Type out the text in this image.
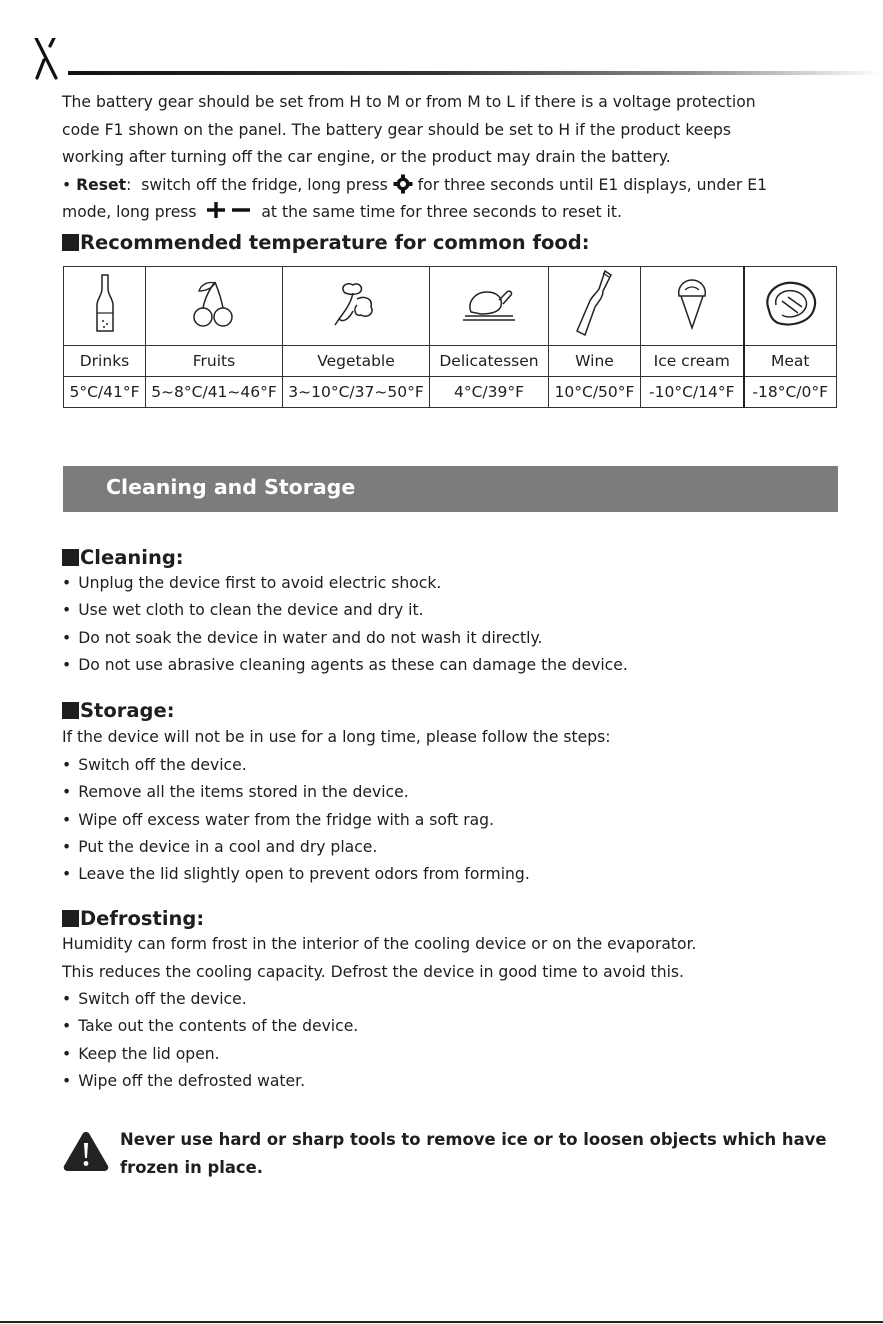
The battery gear should be set from H to M or from M to L if there is a voltage protection
code F1 shown on the panel. The battery gear should be set to H if the product keeps
working after turning off the car engine, or the product may drain the battery.
• Reset:  switch off the fridge, long press for three seconds until E1 displays, under E1
mode, long press	at the same time for three seconds to reset it.
Recommended temperature for common food:

Drinks	Fruits	Vegetable	Delicatessen	Wine	Ice cream	Meat
5°C/41°F	5~8°C/41~46°F	3~10°C/37~50°F	4°C/39°F	10°C/50°F	-10°C/14°F	-18°C/0°F
Cleaning and Storage
Cleaning:
• Unplug the device first to avoid electric shock.
• Use wet cloth to clean the device and dry it.
• Do not soak the device in water and do not wash it directly.
• Do not use abrasive cleaning agents as these can damage the device.
Storage:
If the device will not be in use for a long time, please follow the steps:
• Switch off the device.
• Remove all the items stored in the device.
• Wipe off excess water from the fridge with a soft rag.
• Put the device in a cool and dry place.
• Leave the lid slightly open to prevent odors from forming.
Defrosting:
Humidity can form frost in the interior of the cooling device or on the evaporator.
This reduces the cooling capacity. Defrost the device in good time to avoid this.
• Switch off the device.
• Take out the contents of the device.
• Keep the lid open.
• Wipe off the defrosted water.
Never use hard or sharp tools to remove ice or to loosen objects which have frozen in place.
